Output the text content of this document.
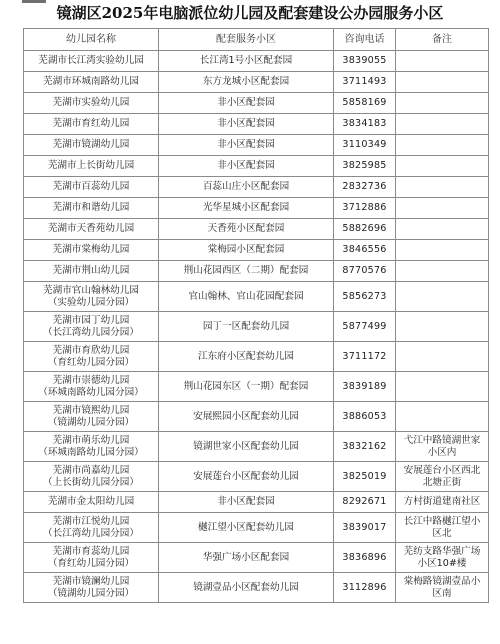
镜湖区2025年电脑派位幼儿园及配套建设公办园服务小区
幼儿园名称	配套服务小区	咨询电话	备注

芜湖市长江湾实验幼儿园	长江湾1号小区配套园	3839055	

芜湖市环城南路幼儿园	东方龙城小区配套园	3711493	

芜湖市实验幼儿园	非小区配套园	5858169	

芜湖市育红幼儿园	非小区配套园	3834183	

芜湖市镜湖幼儿园	非小区配套园	3110349	

芜湖市上长街幼儿园	非小区配套园	3825985	

芜湖市百蕊幼儿园	百蕊山庄小区配套园	2832736	

芜湖市和谐幼儿园	光华星城小区配套园	3712886	

芜湖市天香苑幼儿园	天香苑小区配套园	5882696	

芜湖市棠梅幼儿园	棠梅园小区配套园	3846556	

芜湖市荆山幼儿园	荆山花园西区（二期）配套园	8770576	

芜湖市官山翰林幼儿园
（实验幼儿园分园）	官山翰林、官山花园配套园	5856273	

芜湖市园丁幼儿园
（长江湾幼儿园分园）	园丁一区配套幼儿园	5877499	

芜湖市育欣幼儿园
（育红幼儿园分园）	江东府小区配套幼儿园	3711172	

芜湖市崇德幼儿园
（环城南路幼儿园分园）	荆山花园东区（一期）配套园	3839189	

芜湖市镜熙幼儿园
（镜湖幼儿园分园）	安展熙园小区配套幼儿园	3886053	

芜湖市萌乐幼儿园
（环城南路幼儿园分园）	镜湖世家小区配套幼儿园	3832162	弋江中路镜湖世家
小区内

芜湖市尚嘉幼儿园
（上长街幼儿园分园）	安展莲台小区配套幼儿园	3825019	安展莲台小区西北
北塘正街

芜湖市金太阳幼儿园	非小区配套园	8292671	方村街道建南社区

芜湖市江悦幼儿园
（长江湾幼儿园分园）	樾江望小区配套幼儿园	3839017	长江中路樾江望小
区北

芜湖市育蕊幼儿园
（育红幼儿园分园）	华强广场小区配套园	3836896	芜纺支路华强广场
小区10#楼

芜湖市镜澜幼儿园
（镜湖幼儿园分园）	镜湖壹品小区配套幼儿园	3112896	棠梅路镜湖壹品小
区南
